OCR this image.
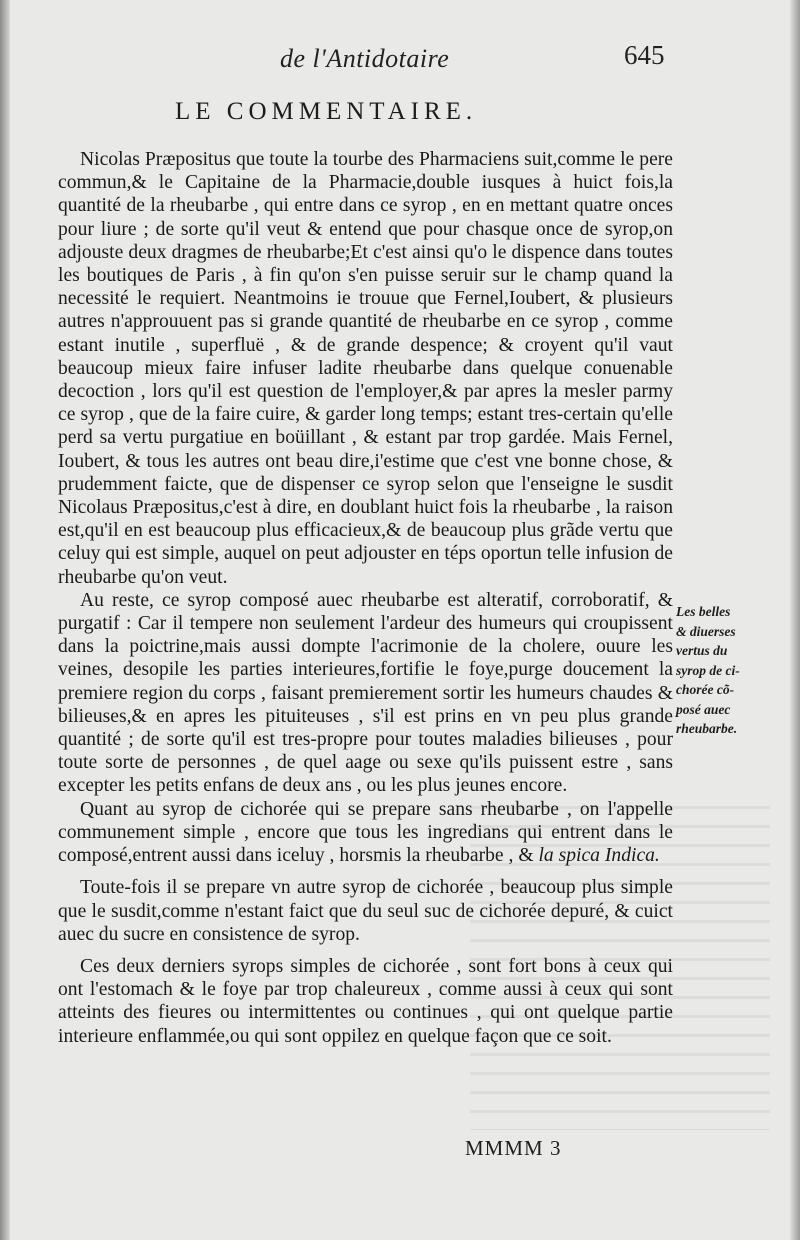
de l'Antidotaire	645
LE COMMENTAIRE.

Nicolas Præpositus que toute la tourbe des Pharmaciens suit,comme le pere commun,& le Capitaine de la Pharmacie,double iusques à huict fois,la quantité de la rheubarbe , qui entre dans ce syrop , en en mettant quatre onces pour liure ; de sorte qu'il veut & entend que pour chasque once de syrop,on adjouste deux dragmes de rheubarbe;Et c'est ainsi qu'o le dispence dans toutes les boutiques de Paris , à fin qu'on s'en puisse seruir sur le champ quand la necessité le requiert. Neantmoins ie trouue que Fernel,Ioubert, & plusieurs autres n'approuuent pas si grande quantité de rheubarbe en ce syrop , comme estant inutile , superfluë , & de grande despence; & croyent qu'il vaut beaucoup mieux faire infuser ladite rheubarbe dans quelque conuenable decoction , lors qu'il est question de l'employer,& par apres la mesler parmy ce syrop , que de la faire cuire, & garder long temps; estant tres-certain qu'elle perd sa vertu purgatiue en boüillant , & estant par trop gardée. Mais Fernel, Ioubert, & tous les autres ont beau dire,i'estime que c'est vne bonne chose, & prudemment faicte, que de dispenser ce syrop selon que l'enseigne le susdit Nicolaus Præpositus,c'est à dire, en doublant huict fois la rheubarbe , la raison est,qu'il en est beaucoup plus efficacieux,& de beaucoup plus grãde vertu que celuy qui est simple, auquel on peut adjouster en téps oportun telle infusion de rheubarbe qu'on veut.

Au reste, ce syrop composé auec rheubarbe est alteratif, corroboratif, & purgatif : Car il tempere non seulement l'ardeur des humeurs qui croupissent dans la poictrine,mais aussi dompte l'acrimonie de la cholere, ouure les veines, desopile les parties interieures,fortifie le foye,purge doucement la premiere region du corps , faisant premierement sortir les humeurs chaudes & bilieuses,& en apres les pituiteuses , s'il est prins en vn peu plus grande quantité ; de sorte qu'il est tres-propre pour toutes maladies bilieuses , pour toute sorte de personnes , de quel aage ou sexe qu'ils puissent estre , sans excepter les petits enfans de deux ans , ou les plus jeunes encore.

Quant au syrop de cichorée qui se prepare sans rheubarbe , on l'appelle communement simple , encore que tous les ingredians qui entrent dans le composé,entrent aussi dans iceluy , horsmis la rheubarbe , & la spica Indica.

Toute-fois il se prepare vn autre syrop de cichorée , beaucoup plus simple que le susdit,comme n'estant faict que du seul suc de cichorée depuré, & cuict auec du sucre en consistence de syrop.

Ces deux derniers syrops simples de cichorée , sont fort bons à ceux qui ont l'estomach & le foye par trop chaleureux , comme aussi à ceux qui sont atteints des fieures ou intermittentes ou continues , qui ont quelque partie interieure enflammée,ou qui sont oppilez en quelque façon que ce soit.

Les belles
& diuerses
vertus du
syrop de ci-
chorée cõ-
posé auec
rheubarbe.
MMMM 3
